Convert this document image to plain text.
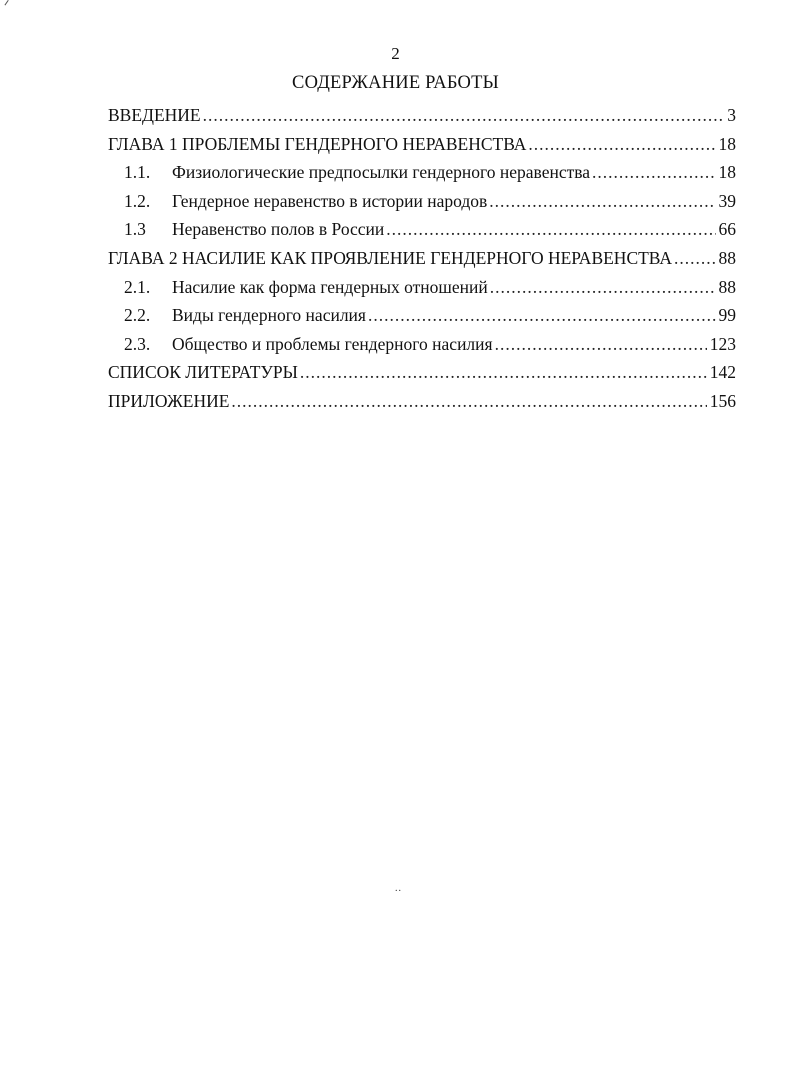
2
СОДЕРЖАНИЕ РАБОТЫ
ВВЕДЕНИЕ .....	3
ГЛАВА 1 ПРОБЛЕМЫ ГЕНДЕРНОГО НЕРАВЕНСТВА .....	18
1.1.	Физиологические предпосылки гендерного неравенства .....	18
1.2.	Гендерное неравенство в истории народов .....	39
1.3	Неравенство полов в России .....	66
ГЛАВА 2 НАСИЛИЕ КАК ПРОЯВЛЕНИЕ ГЕНДЕРНОГО НЕРАВЕНСТВА .....	88
2.1.	Насилие как форма гендерных отношений .....	88
2.2.	Виды гендерного насилия .....	99
2.3.	Общество и проблемы гендерного насилия .....	123
СПИСОК ЛИТЕРАТУРЫ .....	142
ПРИЛОЖЕНИЕ .....	156
..
